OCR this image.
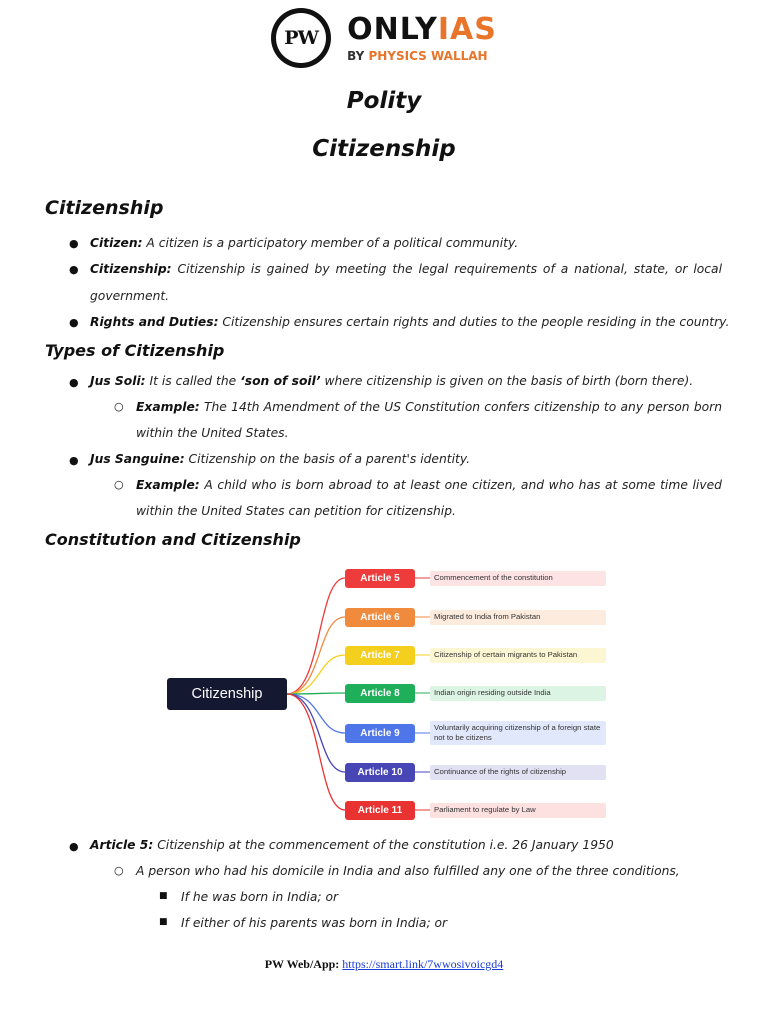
PW ONLYIAS
BY PHYSICS WALLAH
Polity
Citizenship
Citizenship
● Citizen: A citizen is a participatory member of a political community.
● Citizenship: Citizenship is gained by meeting the legal requirements of a national, state, or local
government.
● Rights and Duties: Citizenship ensures certain rights and duties to the people residing in the country.
Types of Citizenship
● Jus Soli: It is called the ‘son of soil’ where citizenship is given on the basis of birth (born there).
○ Example: The 14th Amendment of the US Constitution confers citizenship to any person born
within the United States.
● Jus Sanguine: Citizenship on the basis of a parent's identity.
○ Example: A child who is born abroad to at least one citizen, and who has at some time lived
within the United States can petition for citizenship.
Constitution and Citizenship
Citizenship
Article 5	Commencement of the constitution
Article 6	Migrated to India from Pakistan
Article 7	Citizenship of certain migrants to Pakistan
Article 8	Indian origin residing outside India
Article 9	Voluntarily acquiring citizenship of a foreign state not to be citizens
Article 10	Continuance of the rights of citizenship
Article 11	Parliament to regulate by Law
● Article 5: Citizenship at the commencement of the constitution i.e. 26 January 1950
○ A person who had his domicile in India and also fulfilled any one of the three conditions,
■ If he was born in India; or
■ If either of his parents was born in India; or
PW Web/App: https://smart.link/7wwosivoicgd4
